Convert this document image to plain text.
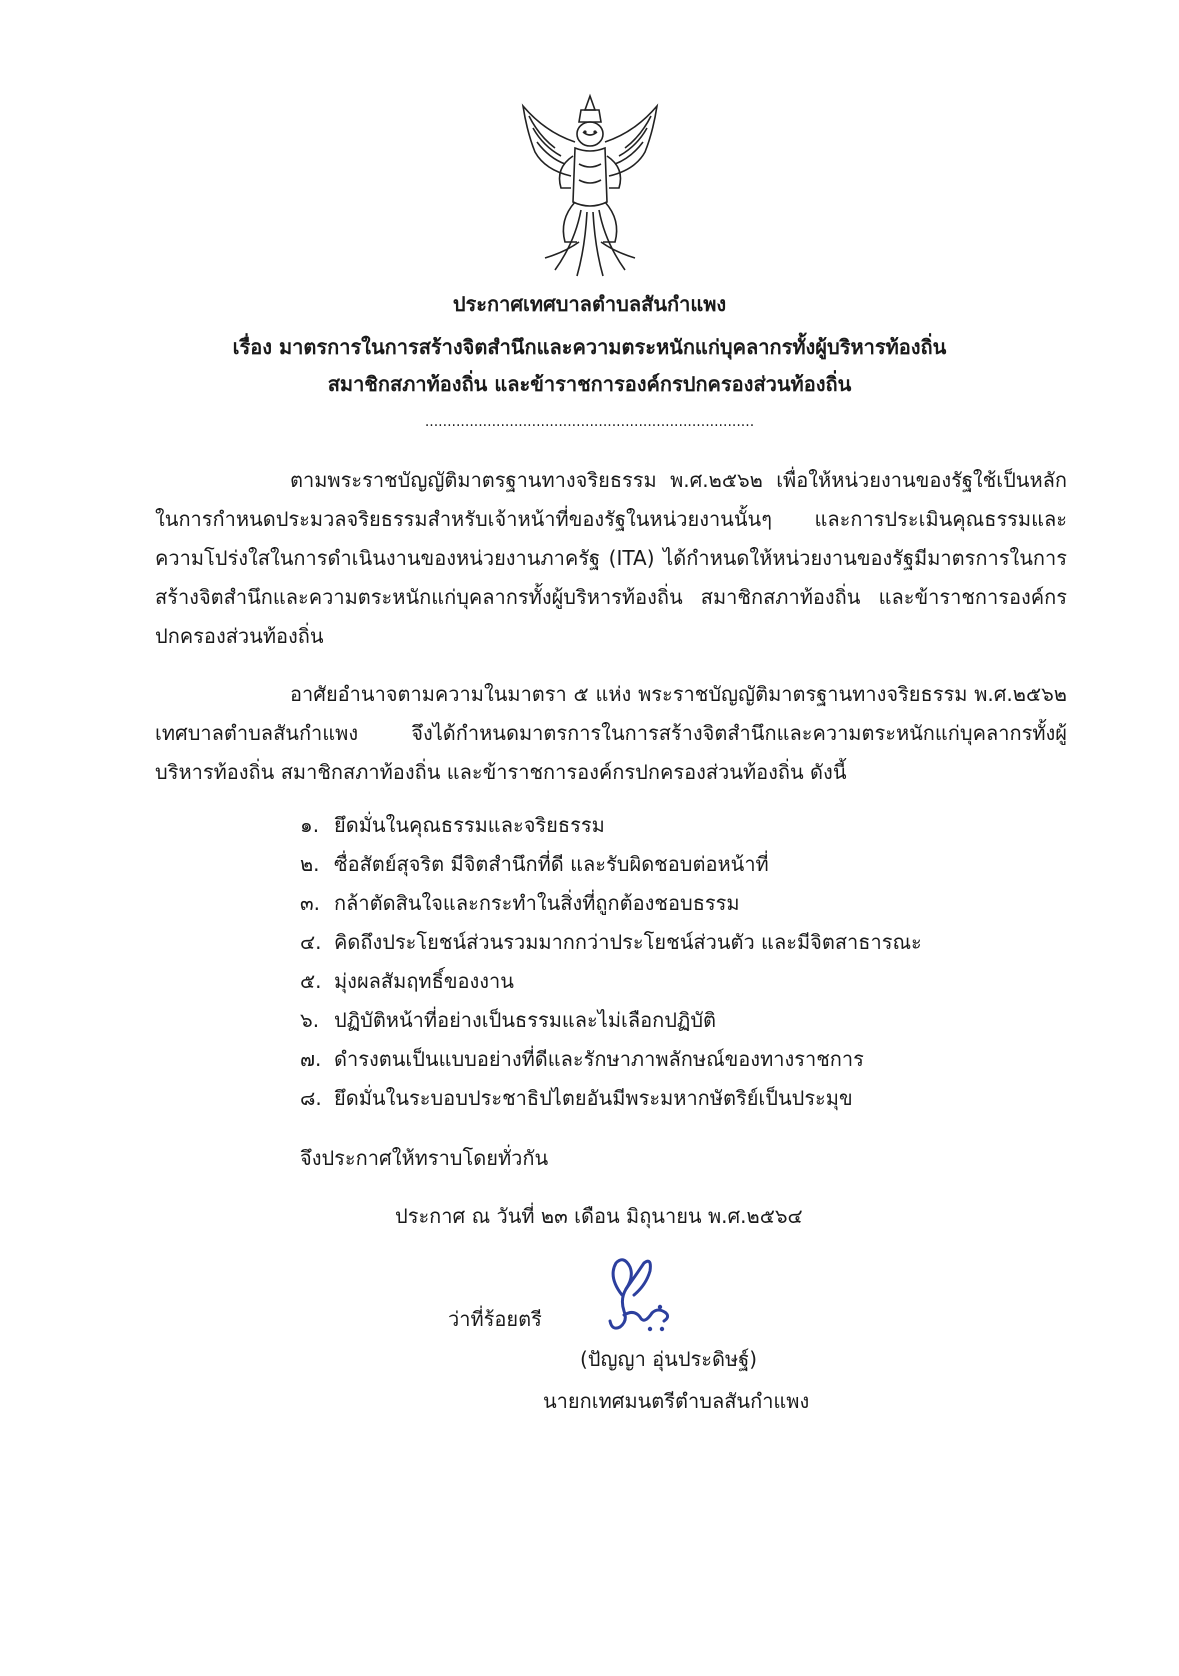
ประกาศเทศบาลตำบลสันกำแพง
เรื่อง มาตรการในการสร้างจิตสำนึกและความตระหนักแก่บุคลากรทั้งผู้บริหารท้องถิ่น
สมาชิกสภาท้องถิ่น และข้าราชการองค์กรปกครองส่วนท้องถิ่น
..........................................................................

ตามพระราชบัญญัติมาตรฐานทางจริยธรรม พ.ศ.๒๕๖๒ เพื่อให้หน่วยงานของรัฐใช้เป็นหลักในการกำหนดประมวลจริยธรรมสำหรับเจ้าหน้าที่ของรัฐในหน่วยงานนั้นๆ และการประเมินคุณธรรมและความโปร่งใสในการดำเนินงานของหน่วยงานภาครัฐ (ITA) ได้กำหนดให้หน่วยงานของรัฐมีมาตรการในการสร้างจิตสำนึกและความตระหนักแก่บุคลากรทั้งผู้บริหารท้องถิ่น สมาชิกสภาท้องถิ่น และข้าราชการองค์กรปกครองส่วนท้องถิ่น

อาศัยอำนาจตามความในมาตรา ๕ แห่ง พระราชบัญญัติมาตรฐานทางจริยธรรม พ.ศ.๒๕๖๒ เทศบาลตำบลสันกำแพง จึงได้กำหนดมาตรการในการสร้างจิตสำนึกและความตระหนักแก่บุคลากรทั้งผู้บริหารท้องถิ่น สมาชิกสภาท้องถิ่น และข้าราชการองค์กรปกครองส่วนท้องถิ่น ดังนี้

๑. ยึดมั่นในคุณธรรมและจริยธรรม
๒. ซื่อสัตย์สุจริต มีจิตสำนึกที่ดี และรับผิดชอบต่อหน้าที่
๓. กล้าตัดสินใจและกระทำในสิ่งที่ถูกต้องชอบธรรม
๔. คิดถึงประโยชน์ส่วนรวมมากกว่าประโยชน์ส่วนตัว และมีจิตสาธารณะ
๕. มุ่งผลสัมฤทธิ์ของงาน
๖. ปฏิบัติหน้าที่อย่างเป็นธรรมและไม่เลือกปฏิบัติ
๗. ดำรงตนเป็นแบบอย่างที่ดีและรักษาภาพลักษณ์ของทางราชการ
๘. ยึดมั่นในระบอบประชาธิปไตยอันมีพระมหากษัตริย์เป็นประมุข
จึงประกาศให้ทราบโดยทั่วกัน
ประกาศ ณ วันที่ ๒๓ เดือน มิถุนายน พ.ศ.๒๕๖๔
ว่าที่ร้อยตรี
(ปัญญา อุ่นประดิษฐ์)
นายกเทศมนตรีตำบลสันกำแพง
